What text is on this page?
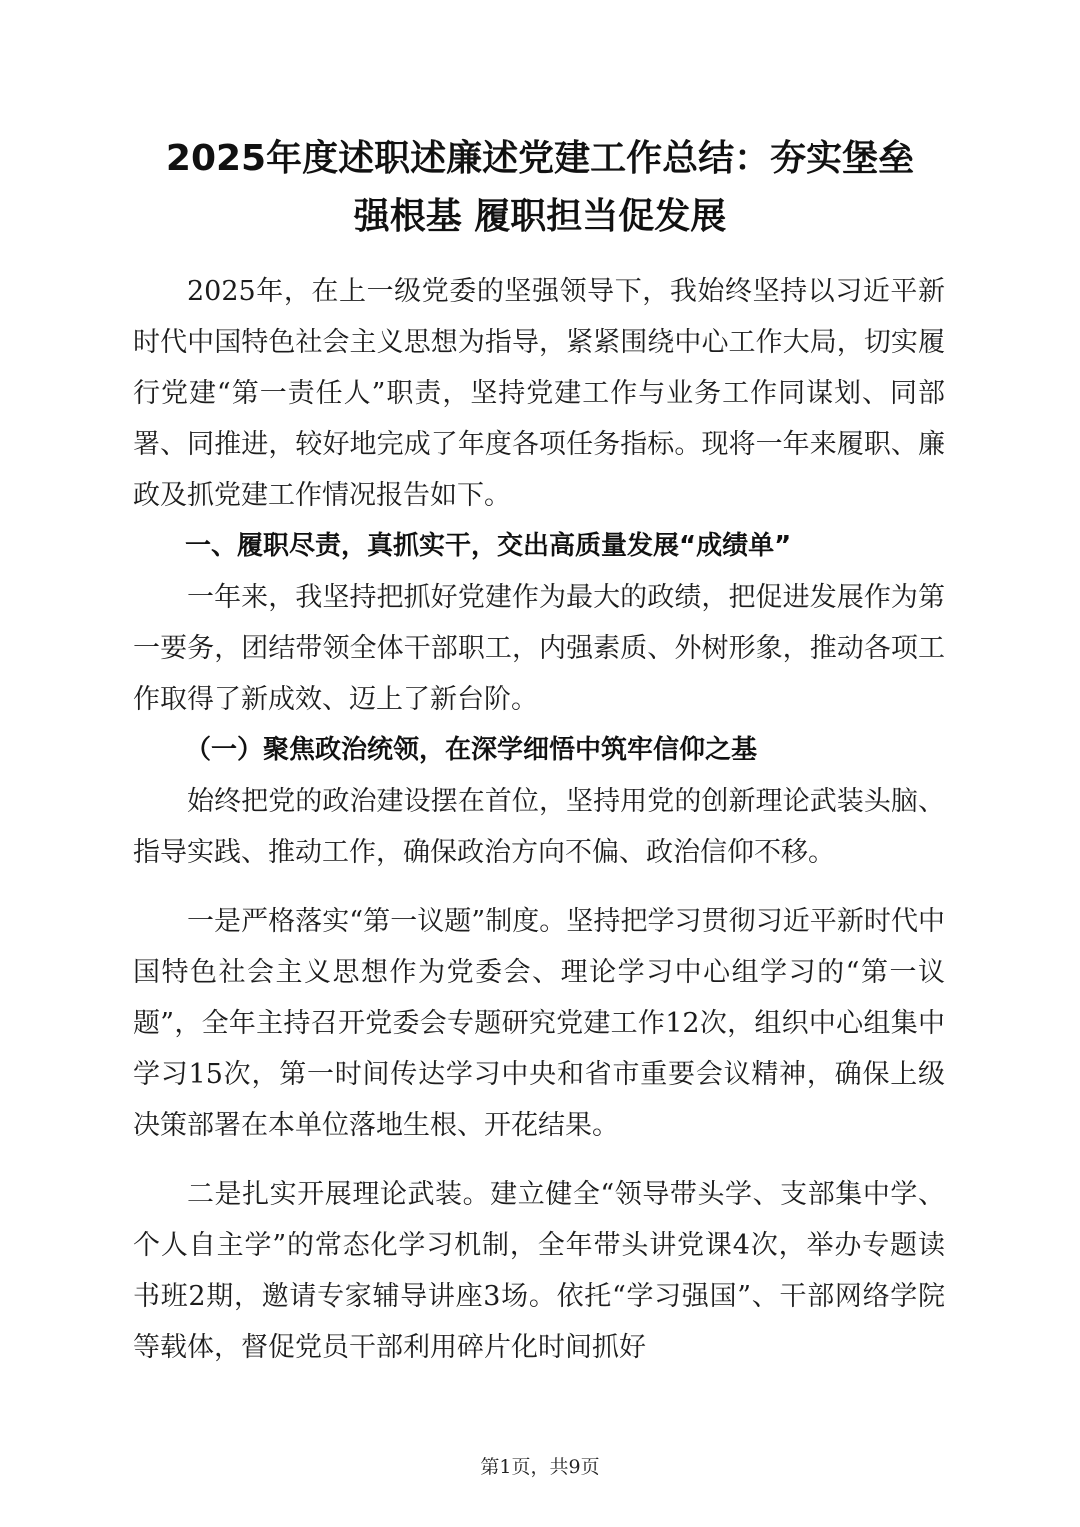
2025年度述职述廉述党建工作总结：夯实堡垒
强根基 履职担当促发展

2025年，在上一级党委的坚强领导下，我始终坚持以习近平新时代中国特色社会主义思想为指导，紧紧围绕中心工作大局，切实履行党建“第一责任人”职责，坚持党建工作与业务工作同谋划、同部署、同推进，较好地完成了年度各项任务指标。现将一年来履职、廉政及抓党建工作情况报告如下。

一、履职尽责，真抓实干，交出高质量发展“成绩单”

一年来，我坚持把抓好党建作为最大的政绩，把促进发展作为第一要务，团结带领全体干部职工，内强素质、外树形象，推动各项工作取得了新成效、迈上了新台阶。

（一）聚焦政治统领，在深学细悟中筑牢信仰之基

始终把党的政治建设摆在首位，坚持用党的创新理论武装头脑、指导实践、推动工作，确保政治方向不偏、政治信仰不移。

一是严格落实“第一议题”制度。坚持把学习贯彻习近平新时代中国特色社会主义思想作为党委会、理论学习中心组学习的“第一议题”，全年主持召开党委会专题研究党建工作12次，组织中心组集中学习15次，第一时间传达学习中央和省市重要会议精神，确保上级决策部署在本单位落地生根、开花结果。

二是扎实开展理论武装。建立健全“领导带头学、支部集中学、个人自主学”的常态化学习机制，全年带头讲党课4次，举办专题读书班2期，邀请专家辅导讲座3场。依托“学习强国”、干部网络学院等载体，督促党员干部利用碎片化时间抓好

第1页，共9页
